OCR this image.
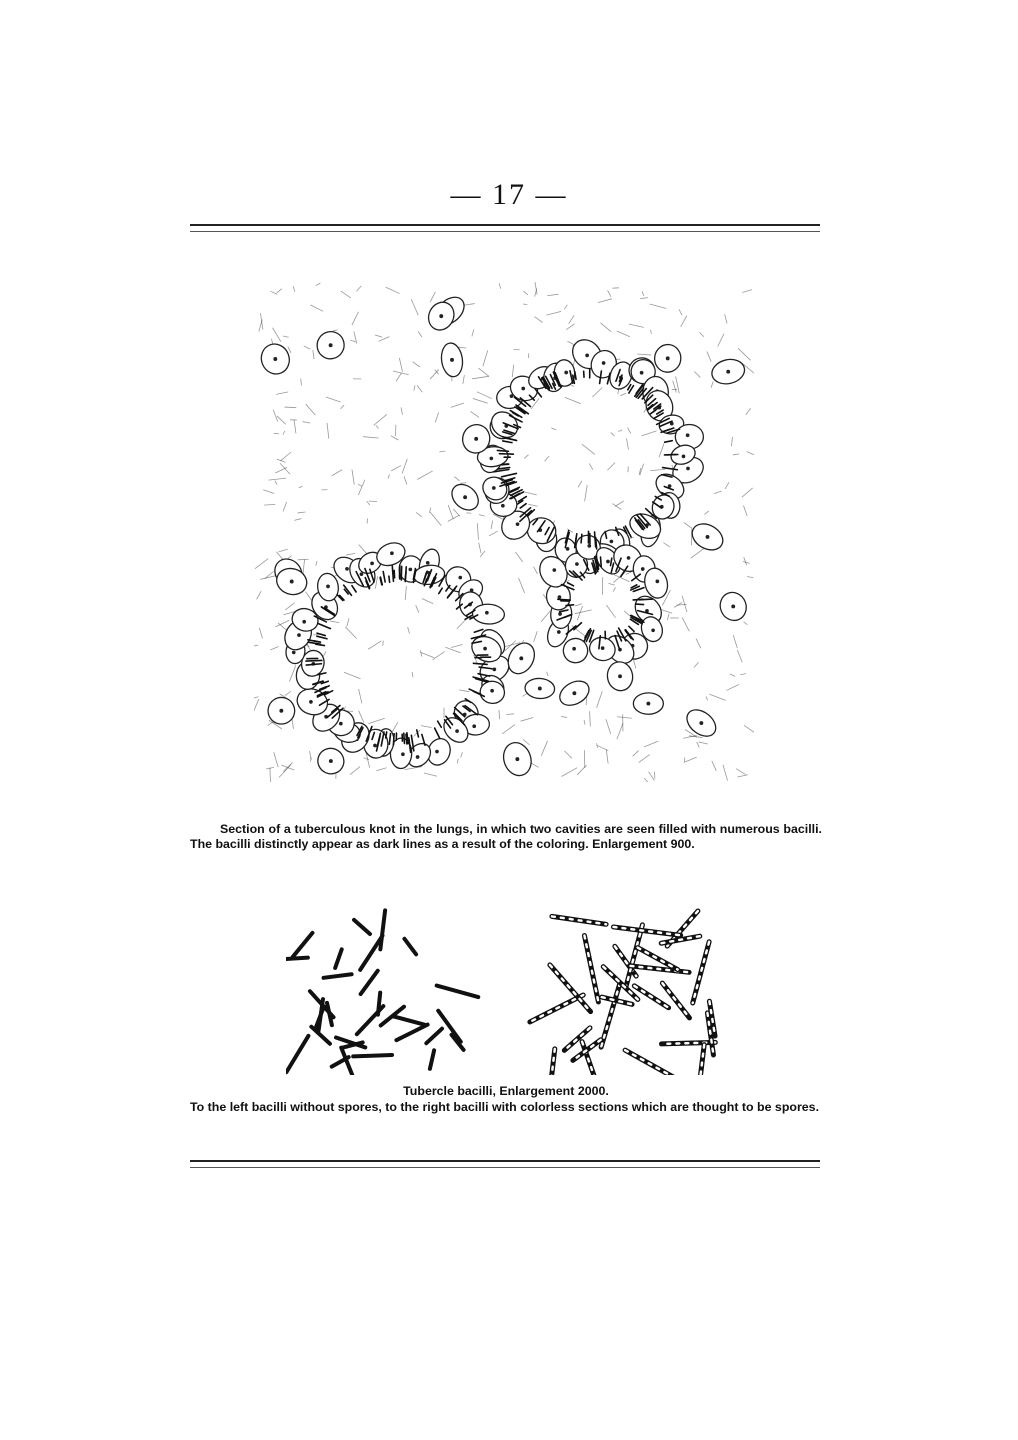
— 17 —
Section of a tuberculous knot in the lungs, in which two cavities are seen filled with numerous bacilli. The bacilli distinctly appear as dark lines as a result of the coloring. Enlargement 900.
Tubercle bacilli, Enlargement 2000.
To the left bacilli without spores, to the right bacilli with colorless sections which are thought to be spores.
